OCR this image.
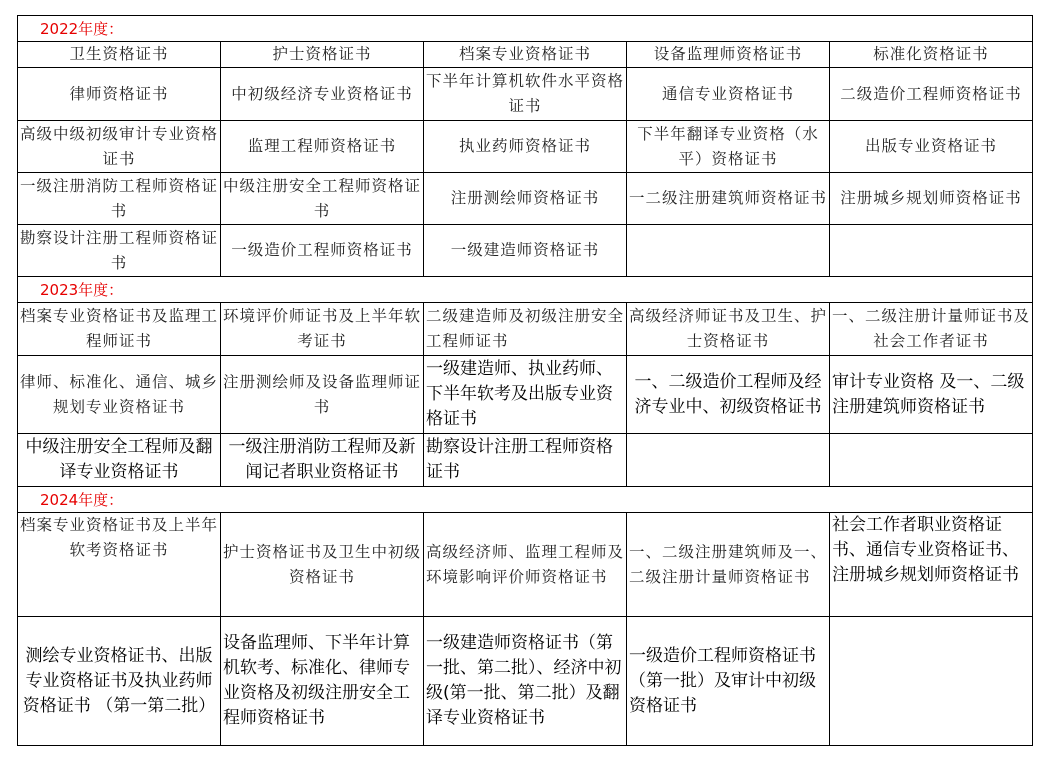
2022年度：				
卫生资格证书	护士资格证书	档案专业资格证书	设备监理师资格证书	标准化资格证书
律师资格证书	中初级经济专业资格证书	下半年计算机软件水平资格证书	通信专业资格证书	二级造价工程师资格证书
高级中级初级审计专业资格证书	监理工程师资格证书	执业药师资格证书	下半年翻译专业资格（水平）资格证书	出版专业资格证书
一级注册消防工程师资格证书	中级注册安全工程师资格证书	注册测绘师资格证书	一二级注册建筑师资格证书	注册城乡规划师资格证书
勘察设计注册工程师资格证书	一级造价工程师资格证书	一级建造师资格证书		
2023年度：				
档案专业资格证书及监理工程师证书	环境评价师证书及上半年软考证书	二级建造师及初级注册安全工程师证书	高级经济师证书及卫生、护士资格证书	一、二级注册计量师证书及社会工作者证书
律师、标准化、通信、城乡规划专业资格证书	注册测绘师及设备监理师证书	一级建造师、执业药师、下半年软考及出版专业资格证书	一、二级造价工程师及经济专业中、初级资格证书	审计专业资格 及一、二级注册建筑师资格证书
中级注册安全工程师及翻译专业资格证书	一级注册消防工程师及新闻记者职业资格证书	勘察设计注册工程师资格证书		
2024年度：				
档案专业资格证书及上半年软考资格证书	护士资格证书及卫生中初级资格证书	高级经济师、监理工程师及环境影响评价师资格证书	一、二级注册建筑师及一、二级注册计量师资格证书	社会工作者职业资格证书、通信专业资格证书、注册城乡规划师资格证书
测绘专业资格证书、出版专业资格证书及执业药师资格证书 （第一第二批）	设备监理师、下半年计算机软考、标准化、律师专业资格及初级注册安全工程师资格证书	一级建造师资格证书（第一批、第二批）、经济中初级(第一批、第二批）及翻译专业资格证书	一级造价工程师资格证书（第一批）及审计中初级资格证书	
